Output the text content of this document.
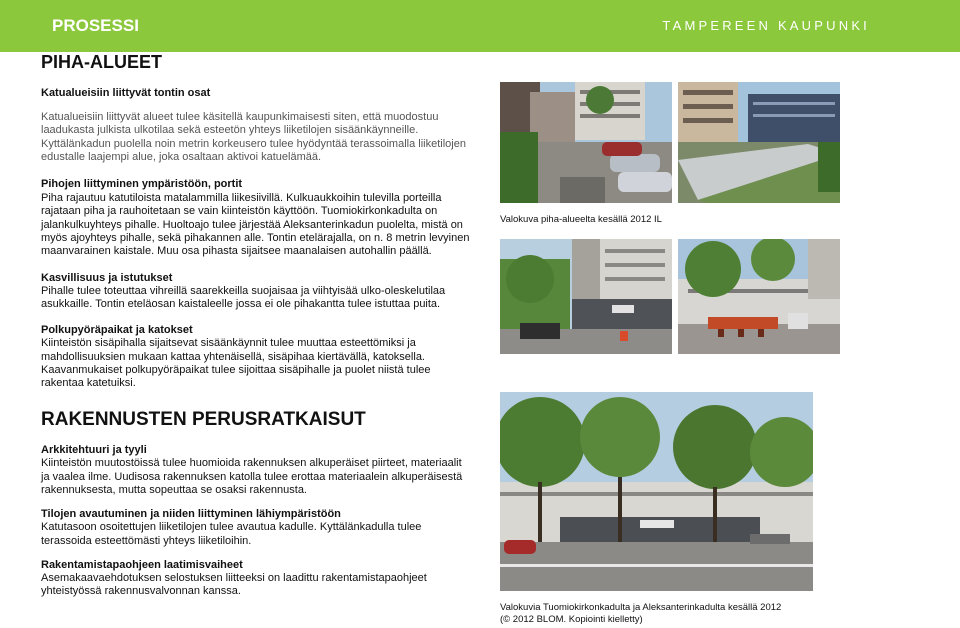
PROSESSI	TAMPEREEN KAUPUNKI
PIHA-ALUEET

Katualueisiin liittyvät tontin osat

Katualueisiin liittyvät alueet tulee käsitellä kaupunkimaisesti siten, että muodostuu laadukasta julkista ulkotilaa sekä esteetön yhteys liiketilojen sisäänkäynneille. Kyttälänkadun puolella noin metrin korkeusero tulee hyödyntää terassoimalla liiketilojen edustalle laajempi alue, joka osaltaan aktivoi katuelämää.

Pihojen liittyminen ympäristöön, portit

Piha rajautuu katutiloista matalammilla liikesiivillä. Kulkuaukkoihin tulevilla porteilla rajataan piha ja rauhoitetaan se vain kiinteistön käyttöön. Tuomiokirkonkadulta on jalankulkuyhteys pihalle. Huoltoajo tulee järjestää Aleksanterinkadun puolelta, mistä on myös ajoyhteys pihalle, sekä pihakannen alle. Tontin etelärajalla, on n. 8 metrin levyinen maanvarainen kaistale. Muu osa pihasta sijaitsee maanalaisen autohallin päällä.

Kasvillisuus ja istutukset

Pihalle tulee toteuttaa vihreillä saarekkeilla suojaisaa ja viihtyisää ulko-oleskelutilaa asukkaille. Tontin eteläosan kaistaleelle jossa ei ole pihakantta tulee istuttaa puita.

Polkupyöräpaikat ja katokset

Kiinteistön sisäpihalla sijaitsevat sisäänkäynnit tulee muuttaa esteettömiksi ja mahdollisuuksien mukaan kattaa yhtenäisellä, sisäpihaa kiertävällä, katoksella. Kaavanmukaiset polkupyöräpaikat tulee sijoittaa sisäpihalle ja puolet niistä tulee rakentaa katetuiksi.

RAKENNUSTEN PERUSRATKAISUT

Arkkitehtuuri ja tyyli

Kiinteistön muutostöissä tulee huomioida rakennuksen alkuperäiset piirteet, materiaalit ja vaalea ilme. Uudisosa rakennuksen katolla tulee erottaa materiaalein alkuperäisestä rakennuksesta, mutta sopeuttaa se osaksi rakennusta.

Tilojen avautuminen ja niiden liittyminen lähiympäristöön

Katutasoon osoitettujen liiketilojen tulee avautua kadulle. Kyttälänkadulla tulee terassoida esteettömästi yhteys liiketiloihin.

Rakentamistapaohjeen laatimisvaiheet

Asemakaavaehdotuksen selostuksen liitteeksi on laadittu rakentamistapaohjeet yhteistyössä rakennusvalvonnan kanssa.

Valokuva piha-alueelta kesällä 2012 IL
Valokuvia Tuomiokirkonkadulta ja Aleksanterinkadulta kesällä 2012
(© 2012 BLOM. Kopiointi kielletty)
